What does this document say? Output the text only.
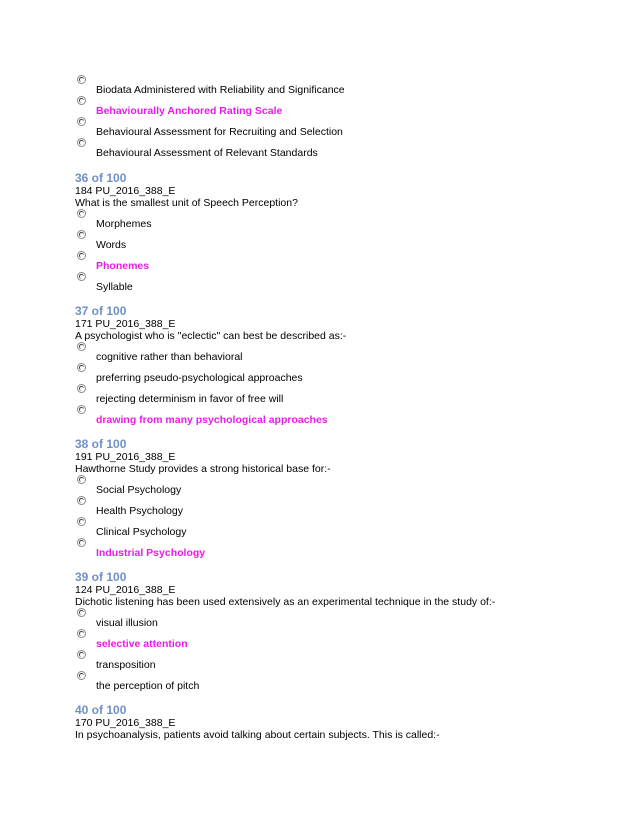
Biodata Administered with Reliability and Significance
Behaviourally Anchored Rating Scale
Behavioural Assessment for Recruiting and Selection
Behavioural Assessment of Relevant Standards
36 of 100
184 PU_2016_388_E
What is the smallest unit of Speech Perception?
Morphemes
Words
Phonemes
Syllable
37 of 100
171 PU_2016_388_E
A psychologist who is "eclectic" can best be described as:-
cognitive rather than behavioral
preferring pseudo-psychological approaches
rejecting determinism in favor of free will
drawing from many psychological approaches
38 of 100
191 PU_2016_388_E
Hawthorne Study provides a strong historical base for:-
Social Psychology
Health Psychology
Clinical Psychology
Industrial Psychology
39 of 100
124 PU_2016_388_E
Dichotic listening has been used extensively as an experimental technique in the study of:-
visual illusion
selective attention
transposition
the perception of pitch
40 of 100
170 PU_2016_388_E
In psychoanalysis, patients avoid talking about certain subjects. This is called:-
